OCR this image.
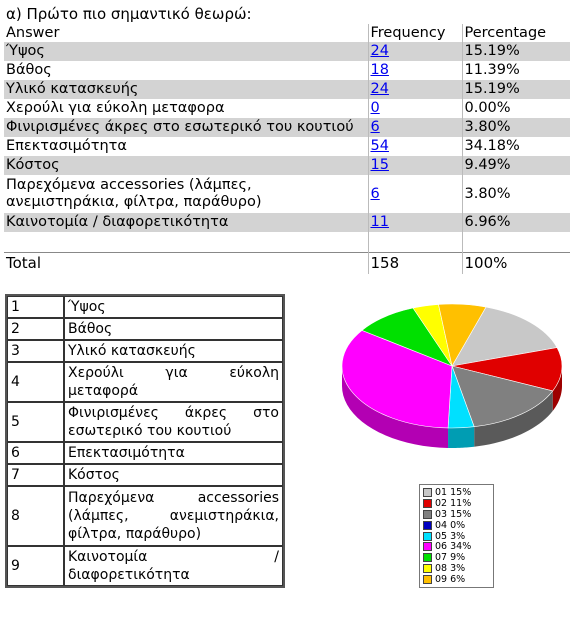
α) Πρώτο πιο σημαντικό θεωρώ:		
Answer	Frequency	Percentage
Ύψος	24	15.19%
Βάθος	18	11.39%
Υλικό κατασκευής	24	15.19%
Χερούλι για εύκολη μεταφορα	0	0.00%
Φινιρισμένες άκρες στο εσωτερικό του κουτιού	6	3.80%
Επεκτασιμότητα	54	34.18%
Κόστος	15	9.49%
Παρεχόμενα accessories (λάμπες, ανεμιστηράκια, φίλτρα, παράθυρο)	6	3.80%
Καινοτομία / διαφορετικότητα	11	6.96%

Total	158	100%
1	Ύψος
2	Βάθος
3	Υλικό κατασκευής
4	Χερούλι για εύκολη μεταφορά
5	Φινιρισμένες άκρες στο εσωτερικό του κουτιού
6	Επεκτασιμότητα
7	Κόστος
8	Παρεχόμενα accessories (λάμπες, ανεμιστηράκια, φίλτρα, παράθυρο)
9	Καινοτομία / διαφορετικότητα
01 15%
02 11%
03 15%
04 0%
05 3%
06 34%
07 9%
08 3%
09 6%
